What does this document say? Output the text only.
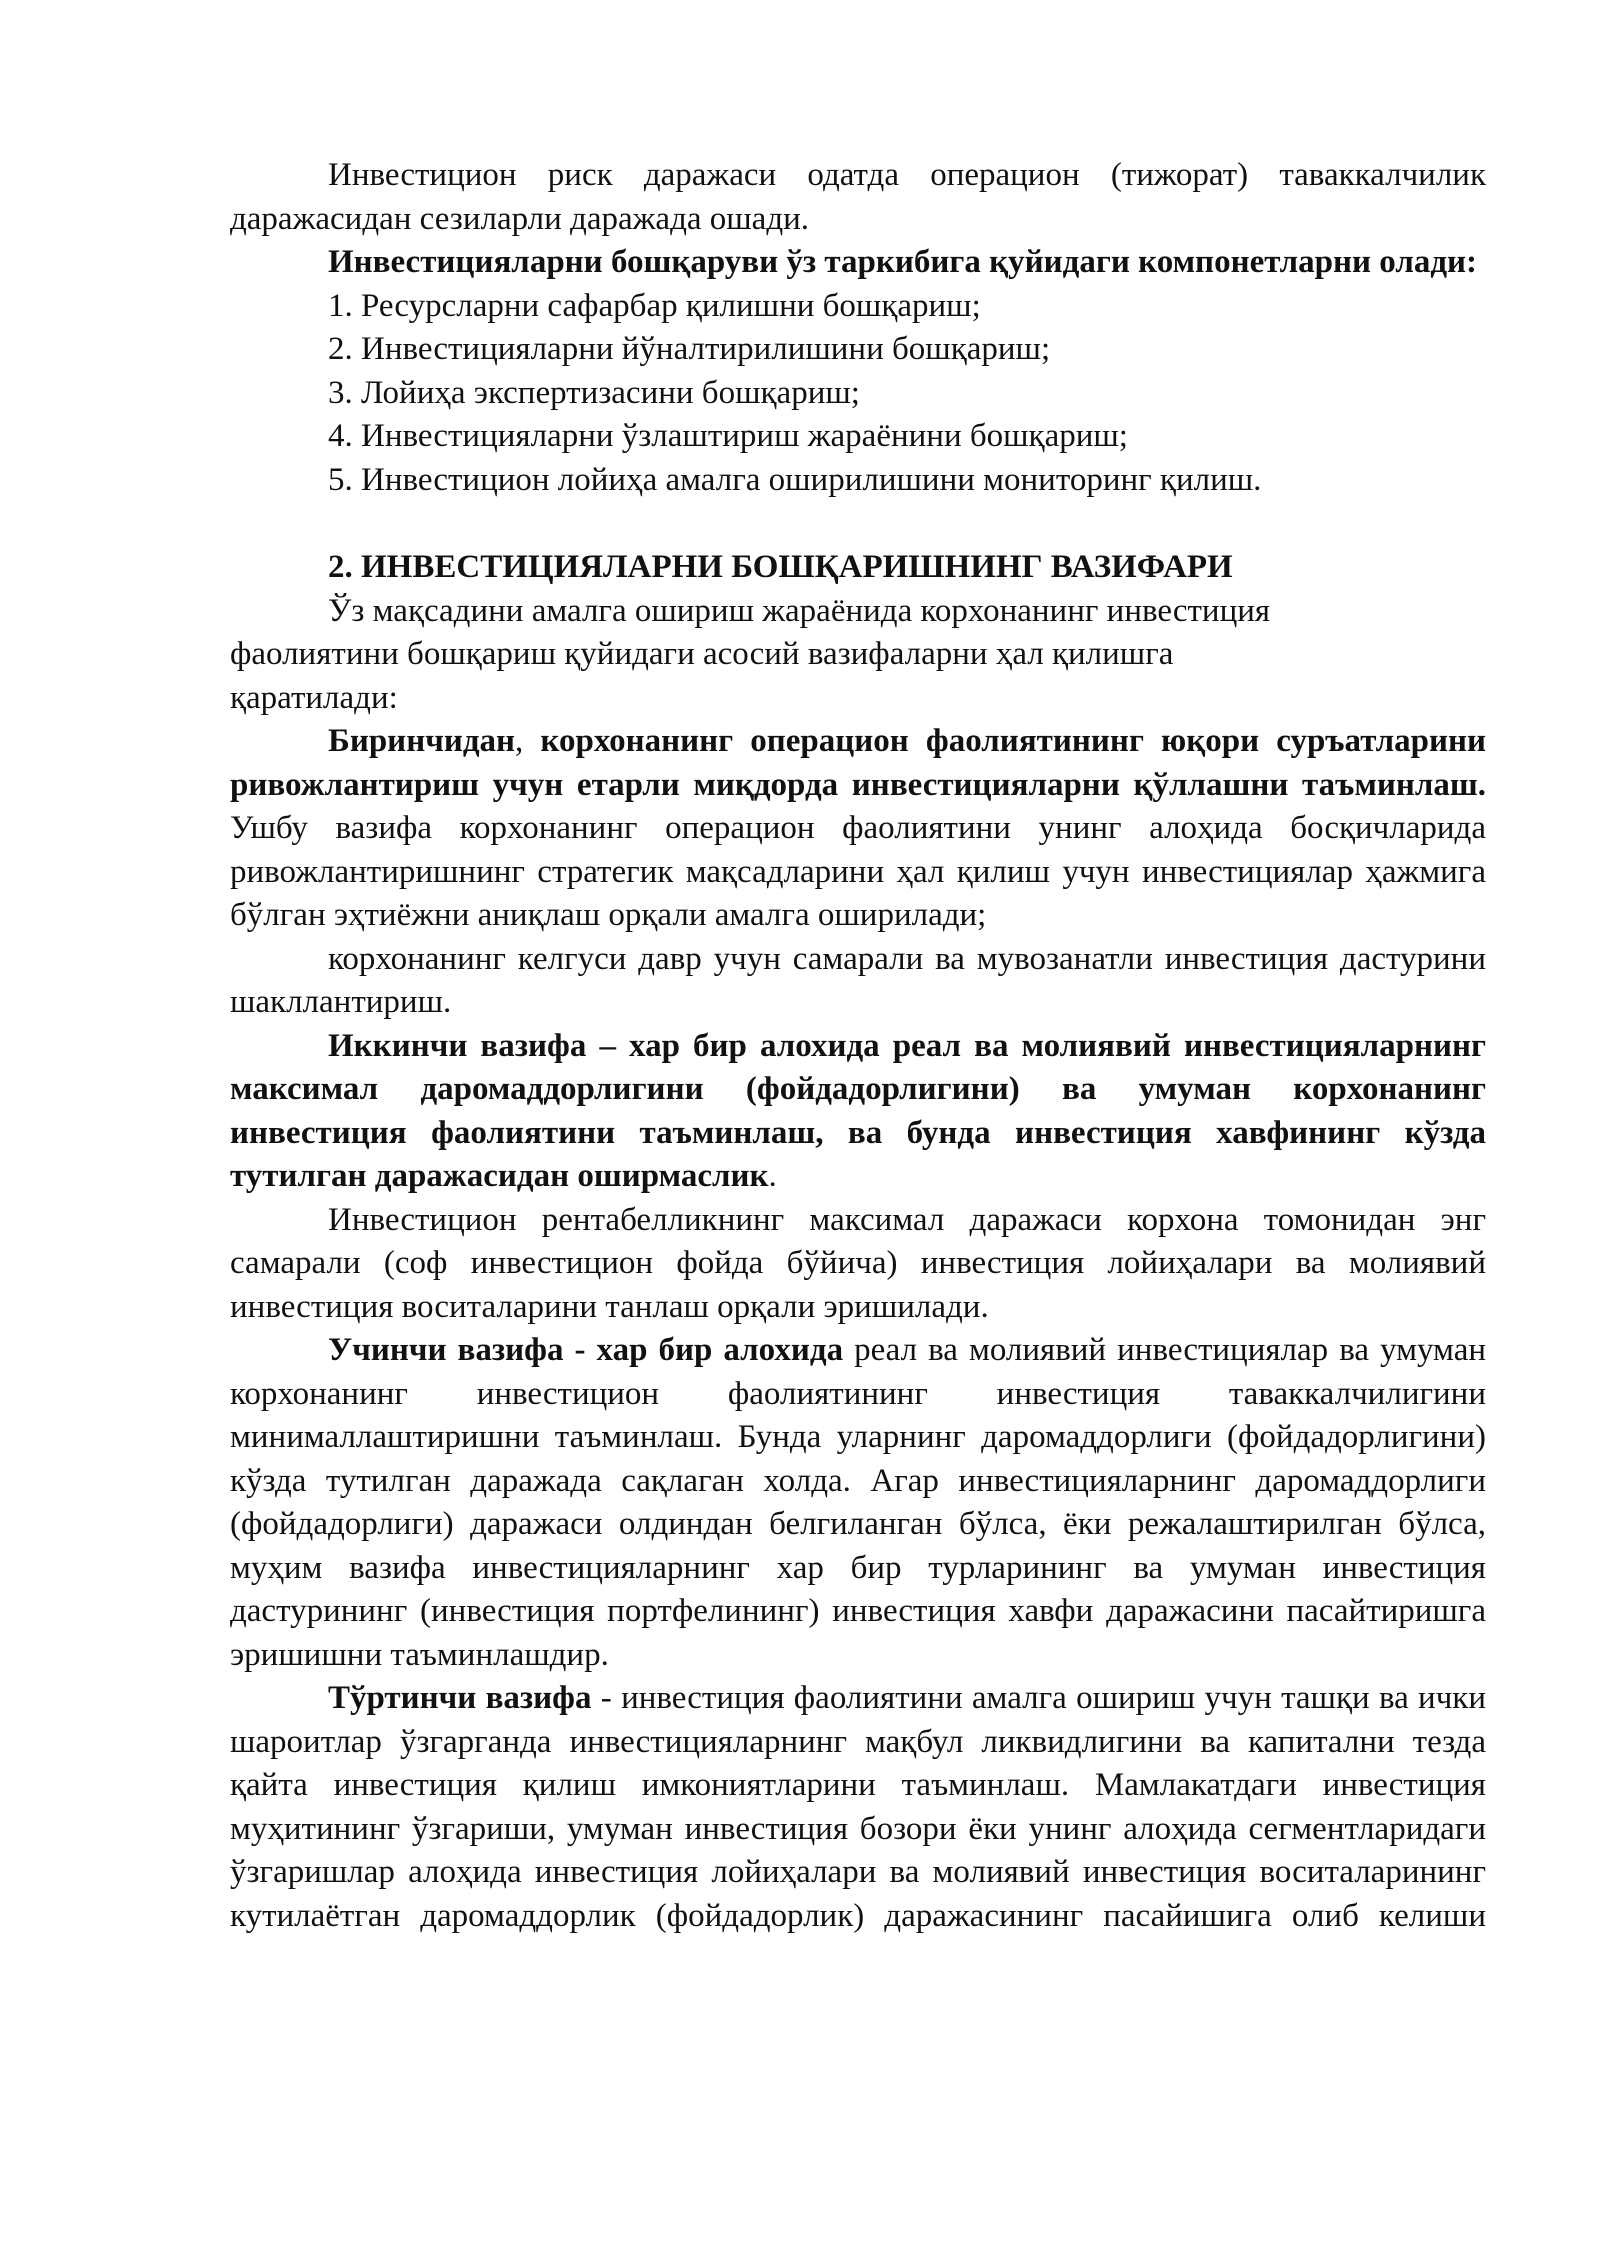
Инвестицион риск даражаси одатда операцион (тижорат) таваккалчилик даражасидан сезиларли даражада ошади.

Инвестицияларни бошқаруви ўз таркибига қуйидаги компонетларни олади:

1. Ресурсларни сафарбар қилишни бошқариш;

2. Инвестицияларни йўналтирилишини бошқариш;

3. Лойиҳа экспертизасини бошқариш;

4. Инвестицияларни ўзлаштириш жараёнини бошқариш;

5. Инвестицион лойиҳа амалга оширилишини мониторинг қилиш.

2. ИНВЕСТИЦИЯЛАРНИ БОШҚАРИШНИНГ ВАЗИФАРИ

Ўз мақсадини амалга ошириш жараёнида корхонанинг инвестиция
фаолиятини бошқариш қуйидаги асосий вазифаларни ҳал қилишга
қаратилади:

Биринчидан, корхонанинг операцион фаолиятининг юқори суръатларини ривожлантириш учун етарли миқдорда инвестицияларни қўллашни таъминлаш. Ушбу вазифа корхонанинг операцион фаолиятини унинг алоҳида босқичларида ривожлантиришнинг стратегик мақсадларини ҳал қилиш учун инвестициялар ҳажмига бўлган эҳтиёжни аниқлаш орқали амалга оширилади;

корхонанинг келгуси давр учун самарали ва мувозанатли инвестиция дастурини шакллантириш.

Иккинчи вазифа – хар бир алохида реал ва молиявий инвестицияларнинг максимал даромаддорлигини (фойдадорлигини) ва умуман корхонанинг инвестиция фаолиятини таъминлаш, ва бунда инвестиция хавфининг кўзда тутилган даражасидан оширмаслик.

Инвестицион рентабелликнинг максимал даражаси корхона томонидан энг самарали (соф инвестицион фойда бўйича) инвестиция лойиҳалари ва молиявий инвестиция воситаларини танлаш орқали эришилади.

Учинчи вазифа - хар бир алохида реал ва молиявий инвестициялар ва умуман корхонанинг инвестицион фаолиятининг инвестиция таваккалчилигини минималлаштиришни таъминлаш. Бунда уларнинг даромаддорлиги (фойдадорлигини) кўзда тутилган даражада сақлаган холда. Агар инвестицияларнинг даромаддорлиги (фойдадорлиги) даражаси олдиндан белгиланган бўлса, ёки режалаштирилган бўлса, муҳим вазифа инвестицияларнинг хар бир турларининг ва умуман инвестиция дастурининг (инвестиция портфелининг) инвестиция хавфи даражасини пасайтиришга эришишни таъминлашдир.

Тўртинчи вазифа - инвестиция фаолиятини амалга ошириш учун ташқи ва ички шароитлар ўзгарганда инвестицияларнинг мақбул ликвидлигини ва капитални тезда қайта инвестиция қилиш имкониятларини таъминлаш. Мамлакатдаги инвестиция муҳитининг ўзгариши, умуман инвестиция бозори ёки унинг алоҳида сегментларидаги ўзгаришлар алоҳида инвестиция лойиҳалари ва молиявий инвестиция воситаларининг кутилаётган даромаддорлик (фойдадорлик) даражасининг пасайишига олиб келиши
